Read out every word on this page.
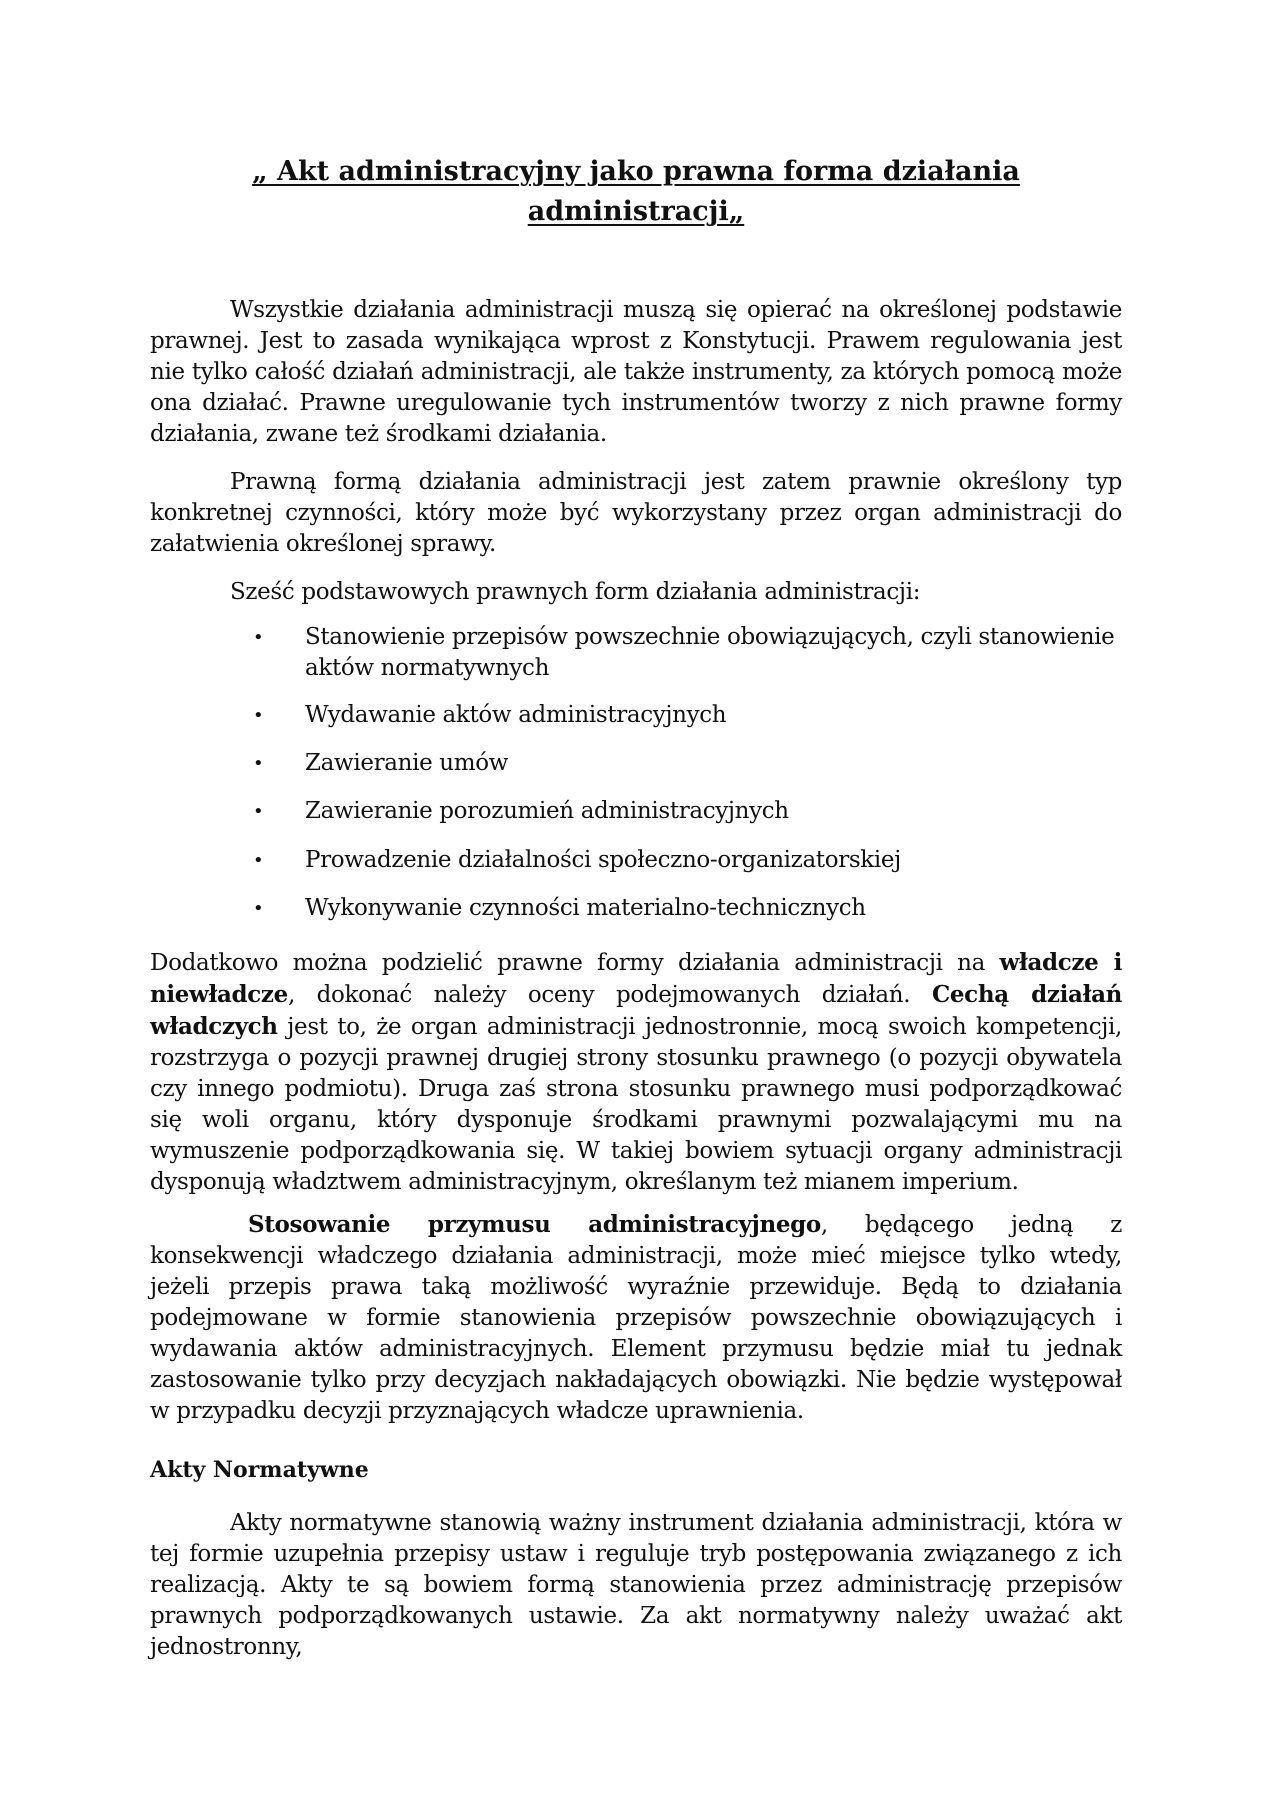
„ Akt administracyjny jako prawna forma działania
administracji„
Wszystkie działania administracji muszą się opierać na określonej podstawie prawnej. Jest to zasada wynikająca wprost z Konstytucji. Prawem regulowania jest nie tylko całość działań administracji, ale także instrumenty, za których pomocą może ona działać. Prawne uregulowanie tych instrumentów tworzy z nich prawne formy działania, zwane też środkami działania.
Prawną formą działania administracji jest zatem prawnie określony typ konkretnej czynności, który może być wykorzystany przez organ administracji do załatwienia określonej sprawy.
Sześć podstawowych prawnych form działania administracji:
• Stanowienie przepisów powszechnie obowiązujących, czyli stanowienie aktów normatywnych
• Wydawanie aktów administracyjnych
• Zawieranie umów
• Zawieranie porozumień administracyjnych
• Prowadzenie działalności społeczno-organizatorskiej
• Wykonywanie czynności materialno-technicznych
Dodatkowo można podzielić prawne formy działania administracji na władcze i niewładcze, dokonać należy oceny podejmowanych działań. Cechą działań władczych jest to, że organ administracji jednostronnie, mocą swoich kompetencji, rozstrzyga o pozycji prawnej drugiej strony stosunku prawnego (o pozycji obywatela czy innego podmiotu). Druga zaś strona stosunku prawnego musi podporządkować się woli organu, który dysponuje środkami prawnymi pozwalającymi mu na wymuszenie podporządkowania się. W takiej bowiem sytuacji organy administracji dysponują władztwem administracyjnym, określanym też mianem imperium.
Stosowanie przymusu administracyjnego, będącego jedną z konsekwencji władczego działania administracji, może mieć miejsce tylko wtedy, jeżeli przepis prawa taką możliwość wyraźnie przewiduje. Będą to działania podejmowane w formie stanowienia przepisów powszechnie obowiązujących i wydawania aktów administracyjnych. Element przymusu będzie miał tu jednak zastosowanie tylko przy decyzjach nakładających obowiązki. Nie będzie występował w przypadku decyzji przyznających władcze uprawnienia.
Akty Normatywne
Akty normatywne stanowią ważny instrument działania administracji, która w tej formie uzupełnia przepisy ustaw i reguluje tryb postępowania związanego z ich realizacją. Akty te są bowiem formą stanowienia przez administrację przepisów prawnych podporządkowanych ustawie. Za akt normatywny należy uważać akt jednostronny,
